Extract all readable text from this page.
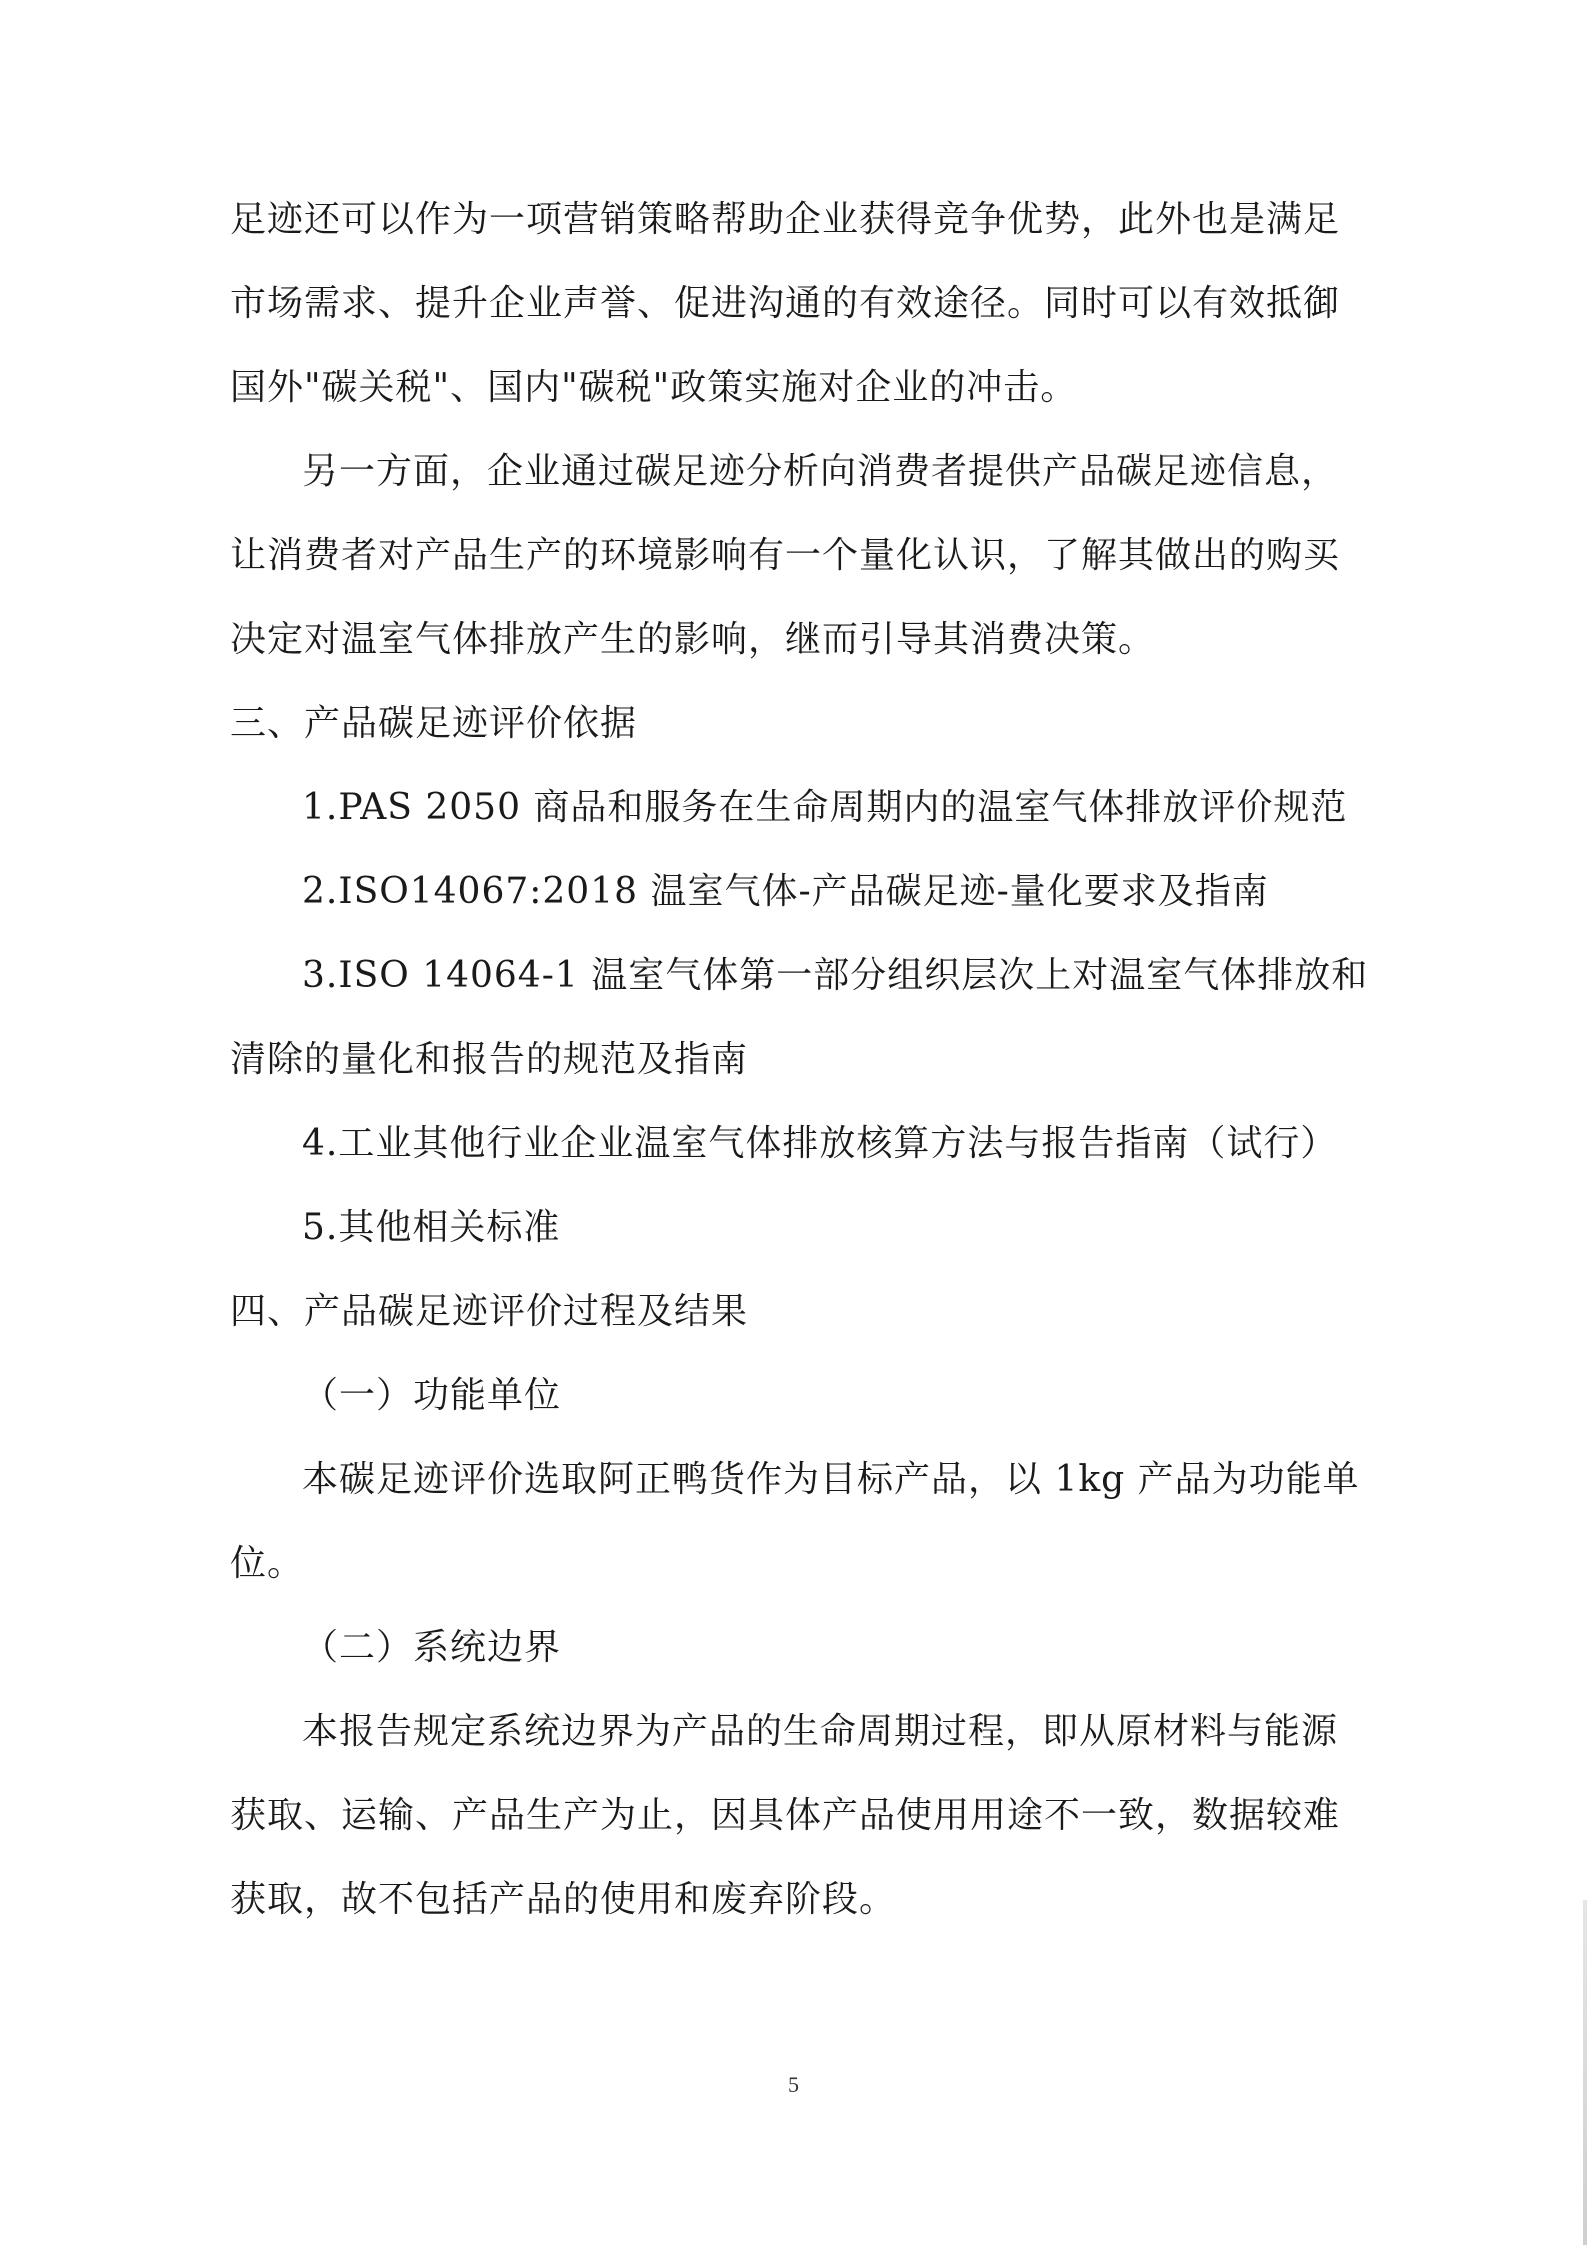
足迹还可以作为一项营销策略帮助企业获得竞争优势，此外也是满足
市场需求、提升企业声誉、促进沟通的有效途径。同时可以有效抵御
国外"碳关税"、国内"碳税"政策实施对企业的冲击。
另一方面，企业通过碳足迹分析向消费者提供产品碳足迹信息，
让消费者对产品生产的环境影响有一个量化认识，了解其做出的购买
决定对温室气体排放产生的影响，继而引导其消费决策。
三、产品碳足迹评价依据
1.PAS 2050 商品和服务在生命周期内的温室气体排放评价规范
2.ISO14067:2018 温室气体-产品碳足迹-量化要求及指南
3.ISO 14064-1 温室气体第一部分组织层次上对温室气体排放和
清除的量化和报告的规范及指南
4.工业其他行业企业温室气体排放核算方法与报告指南（试行）
5.其他相关标准
四、产品碳足迹评价过程及结果
（一）功能单位
本碳足迹评价选取阿正鸭货作为目标产品，以 1kg 产品为功能单
位。
（二）系统边界
本报告规定系统边界为产品的生命周期过程，即从原材料与能源
获取、运输、产品生产为止，因具体产品使用用途不一致，数据较难
获取，故不包括产品的使用和废弃阶段。
5
